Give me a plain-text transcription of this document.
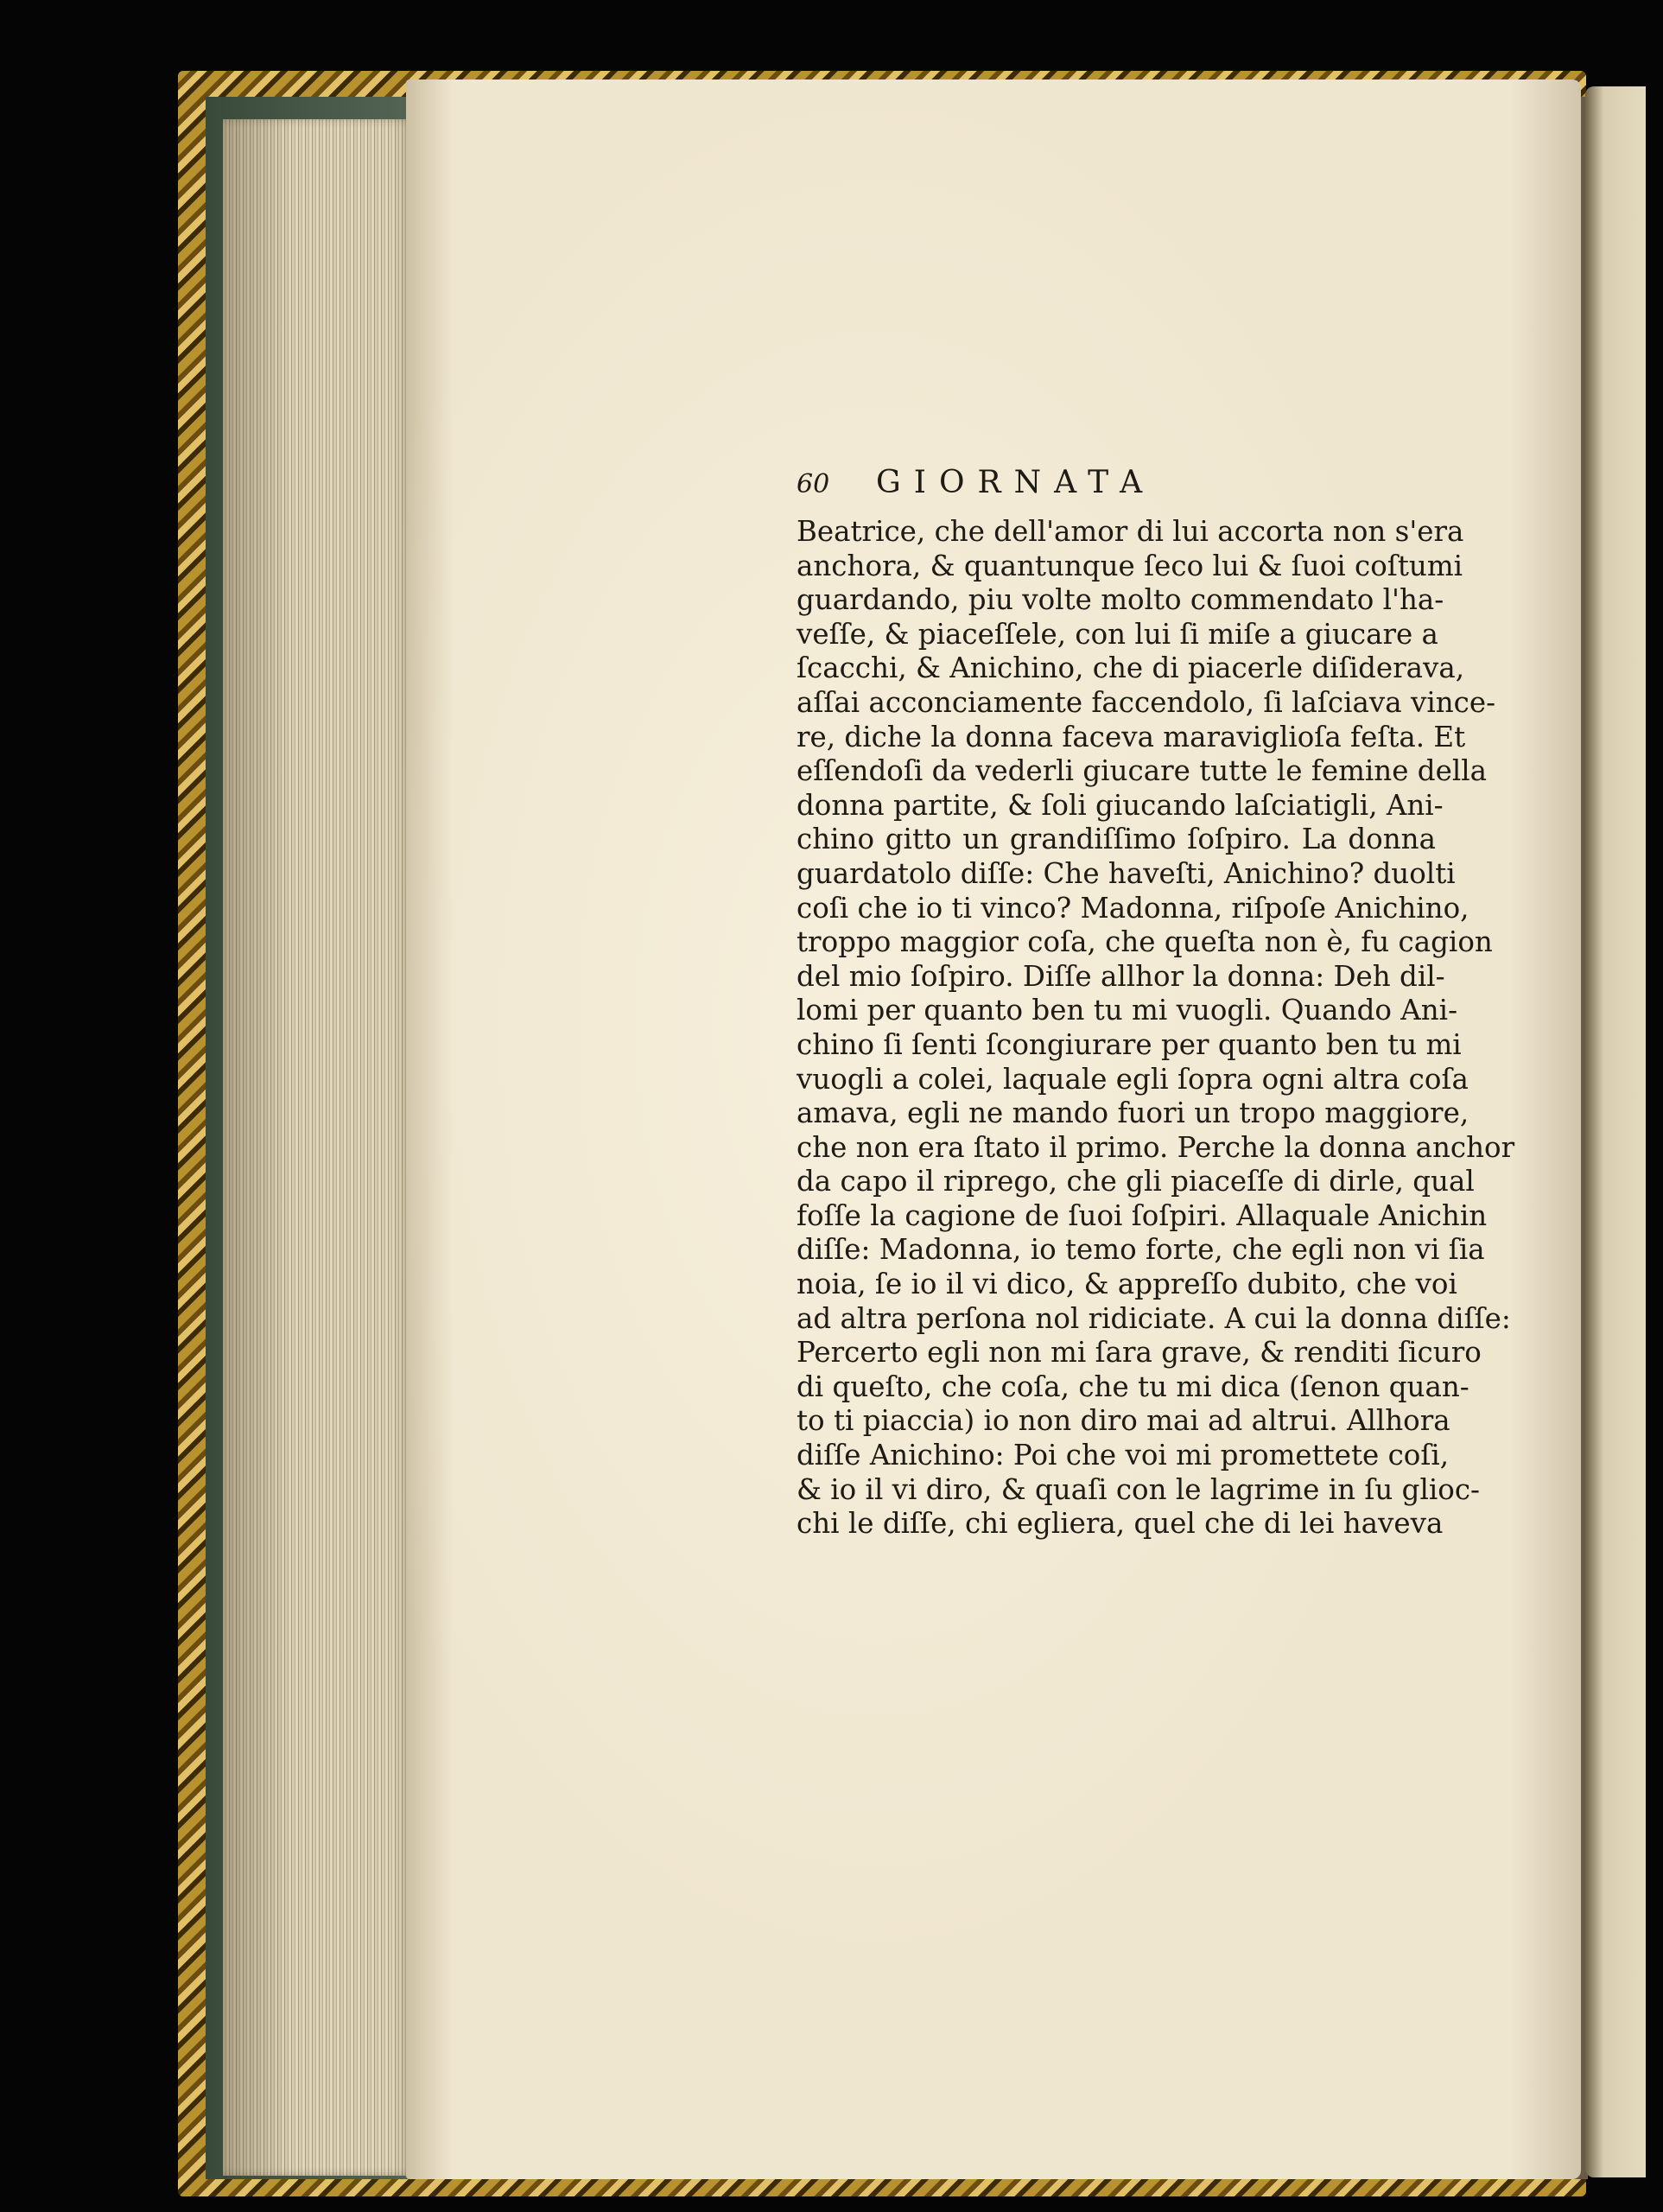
60	GIORNATA
Beatrice, che dell'amor di lui accorta non s'era
anchora, & quantunque ſeco lui & ſuoi coſtumi
guardando, piu volte molto commendato l'ha-
veſſe, & piaceſſele, con lui ſi miſe a giucare a
ſcacchi, & Anichino, che di piacerle diſiderava,
aſſai acconciamente faccendolo, ſi laſciava vince-
re, diche la donna faceva maraviglioſa feſta. Et
eſſendoſi da vederli giucare tutte le femine della
donna partite, & ſoli giucando laſciatigli, Ani-
chino gitto un grandiſſimo ſoſpiro. La donna
guardatolo diſſe: Che haveſti, Anichino? duolti
coſi che io ti vinco? Madonna, riſpoſe Anichino,
troppo maggior coſa, che queſta non è, fu cagion
del mio ſoſpiro. Diſſe allhor la donna: Deh dil-
lomi per quanto ben tu mi vuogli. Quando Ani-
chino ſi ſenti ſcongiurare per quanto ben tu mi
vuogli a colei, laquale egli ſopra ogni altra coſa
amava, egli ne mando fuori un tropo maggiore,
che non era ſtato il primo. Perche la donna anchor
da capo il riprego, che gli piaceſſe di dirle, qual
foſſe la cagione de ſuoi ſoſpiri. Allaquale Anichin
diſſe: Madonna, io temo forte, che egli non vi ſia
noia, ſe io il vi dico, & appreſſo dubito, che voi
ad altra perſona nol ridiciate. A cui la donna diſſe:
Percerto egli non mi ſara grave, & renditi ſicuro
di queſto, che coſa, che tu mi dica (ſenon quan-
to ti piaccia) io non diro mai ad altrui. Allhora
diſſe Anichino: Poi che voi mi promettete coſi,
& io il vi diro, & quaſi con le lagrime in ſu glioc-
chi le diſſe, chi egliera, quel che di lei haveva
